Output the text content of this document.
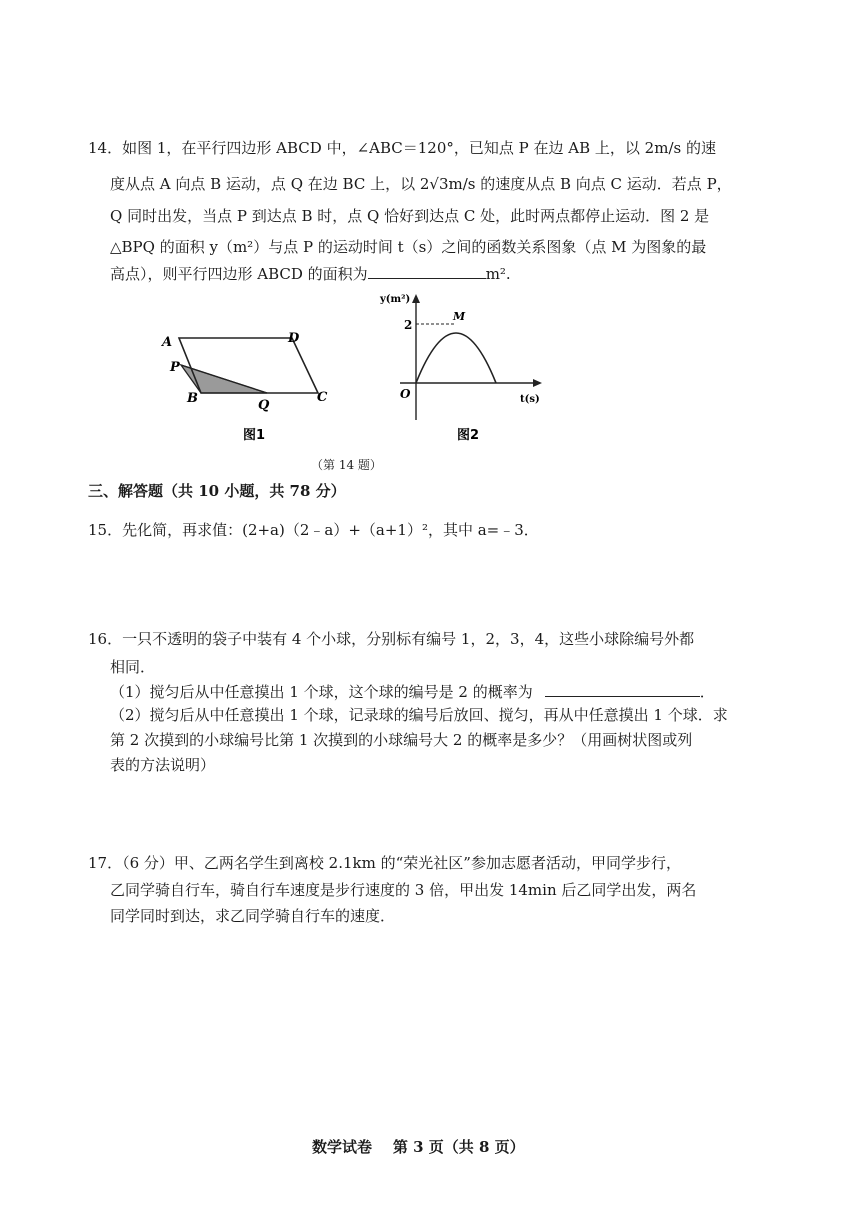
14．如图 1，在平行四边形 ABCD 中，∠ABC＝120°，已知点 P 在边 AB 上，以 2m/s 的速
度从点 A 向点 B 运动，点 Q 在边 BC 上，以 2√3m/s 的速度从点 B 向点 C 运动．若点 P，
Q 同时出发，当点 P 到达点 B 时，点 Q 恰好到达点 C 处，此时两点都停止运动．图 2 是
△BPQ 的面积 y（m²）与点 P 的运动时间 t（s）之间的函数关系图象（点 M 为图象的最
高点），则平行四边形 ABCD 的面积为	m².
A	D
P
B	Q
C
图1
y(m²)
t(s)
O
2
M
图2
（第 14 题）
三、解答题（共 10 小题，共 78 分）
15．先化简，再求值：(2+a)（2﹣a）+（a+1）²，其中 a=﹣3．
16．一只不透明的袋子中装有 4 个小球，分别标有编号 1，2，3，4，这些小球除编号外都
相同．
（1）搅匀后从中任意摸出 1 个球，这个球的编号是 2 的概率为	．
（2）搅匀后从中任意摸出 1 个球，记录球的编号后放回、搅匀，再从中任意摸出 1 个球．求
第 2 次摸到的小球编号比第 1 次摸到的小球编号大 2 的概率是多少？（用画树状图或列
表的方法说明）
17．（6 分）甲、乙两名学生到离校 2.1km 的“荣光社区”参加志愿者活动，甲同学步行，
乙同学骑自行车，骑自行车速度是步行速度的 3 倍，甲出发 14min 后乙同学出发，两名
同学同时到达，求乙同学骑自行车的速度．
数学试卷    第 3 页（共 8 页）
